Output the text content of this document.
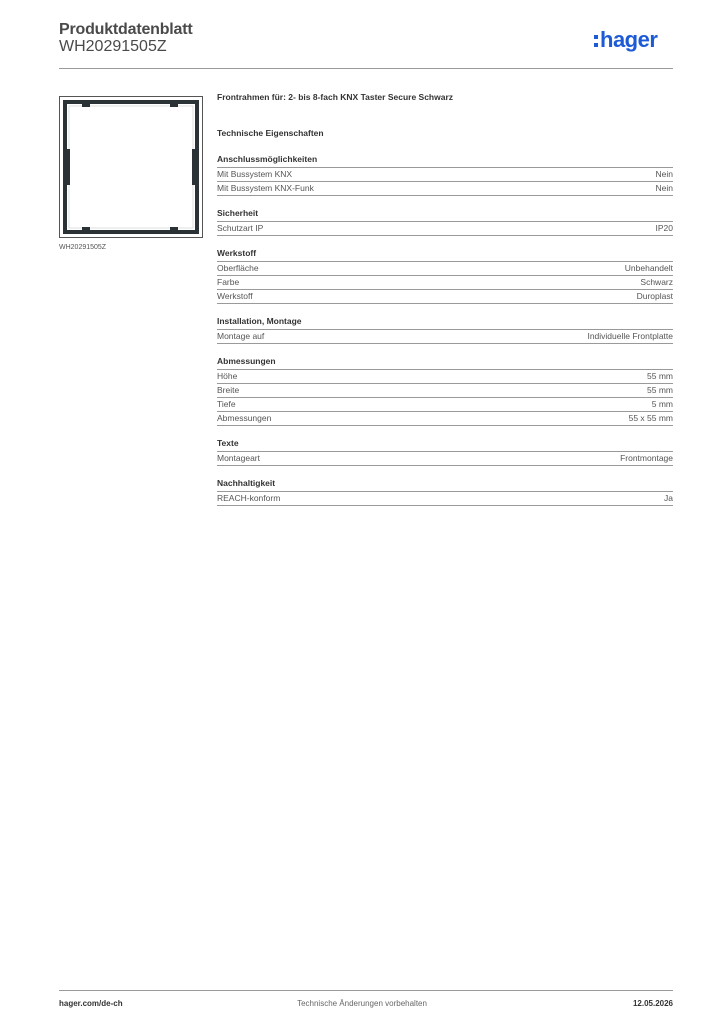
Produktdatenblatt
WH20291505Z	hager
WH20291505Z
Frontrahmen für: 2- bis 8-fach KNX Taster Secure Schwarz
Technische Eigenschaften
Anschlussmöglichkeiten
Mit Bussystem KNX	Nein
Mit Bussystem KNX-Funk	Nein
Sicherheit
Schutzart IP	IP20
Werkstoff
Oberfläche	Unbehandelt
Farbe	Schwarz
Werkstoff	Duroplast
Installation, Montage
Montage auf	Individuelle Frontplatte
Abmessungen
Höhe	55 mm
Breite	55 mm
Tiefe	5 mm
Abmessungen	55 x 55 mm
Texte
Montageart	Frontmontage
Nachhaltigkeit
REACH-konform	Ja
hager.com/de-ch	Technische Änderungen vorbehalten	12.05.2026
